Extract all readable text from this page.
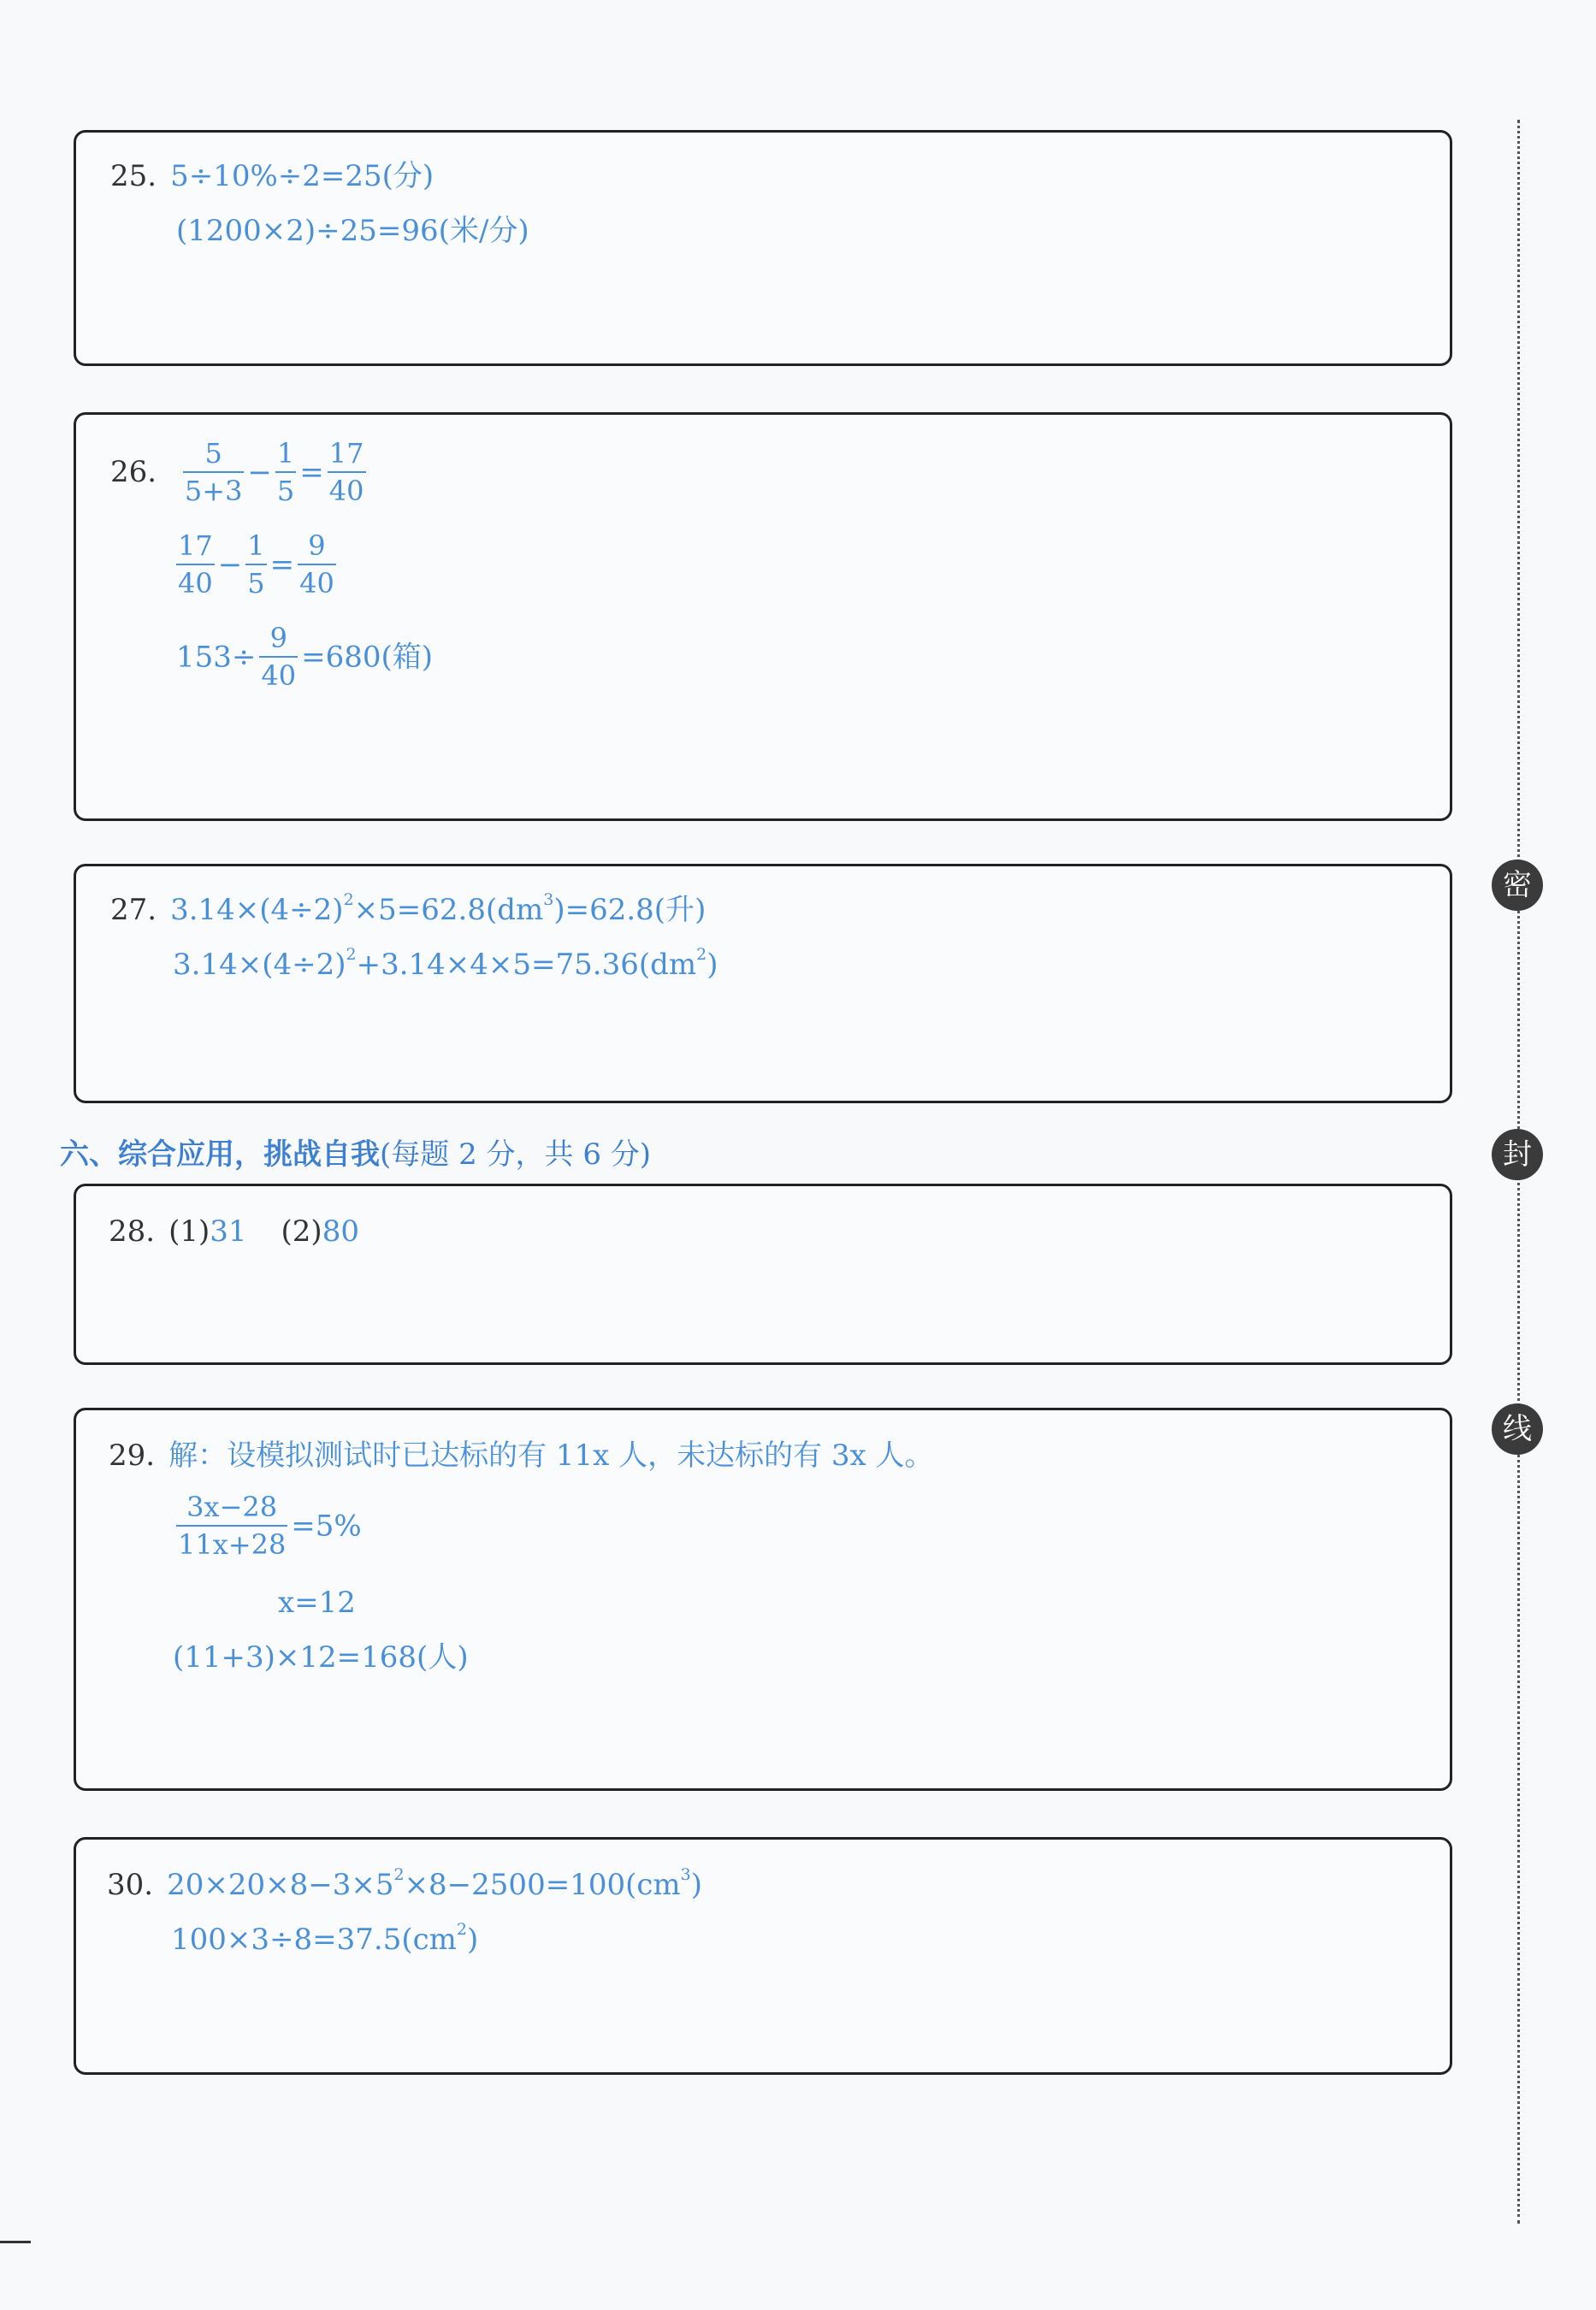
25. 5÷10%÷2=25(分)
(1200×2)÷25=96(米/分)
26. $\frac{5}{5+3} - \frac{1}{5} = \frac{17}{40}$
$\frac{17}{40} - \frac{1}{5} = \frac{9}{40}$
$153\div \frac{9}{40} =680$(箱)
27. $3.14\times(4\div 2)^2\times 5=62.8(dm^3)=62.8$(升)
$3.14\times(4\div 2)^2+3.14\times 4\times 5=75.36(dm^2)$
六、综合应用，挑战自我(每题 2 分，共 6 分)
28. (1)31 (2)80
29. 解：设模拟测试时已达标的有 11x 人，未达标的有 3x 人。
$\frac{3x-28}{11x+28} =5\%$
x=12
(11+3)×12=168(人)
30. $20\times 20\times 8-3\times 5^2\times 8-2500=100(cm^3)$
$100\times 3\div 8=37.5(cm^2)$
密
封
线
